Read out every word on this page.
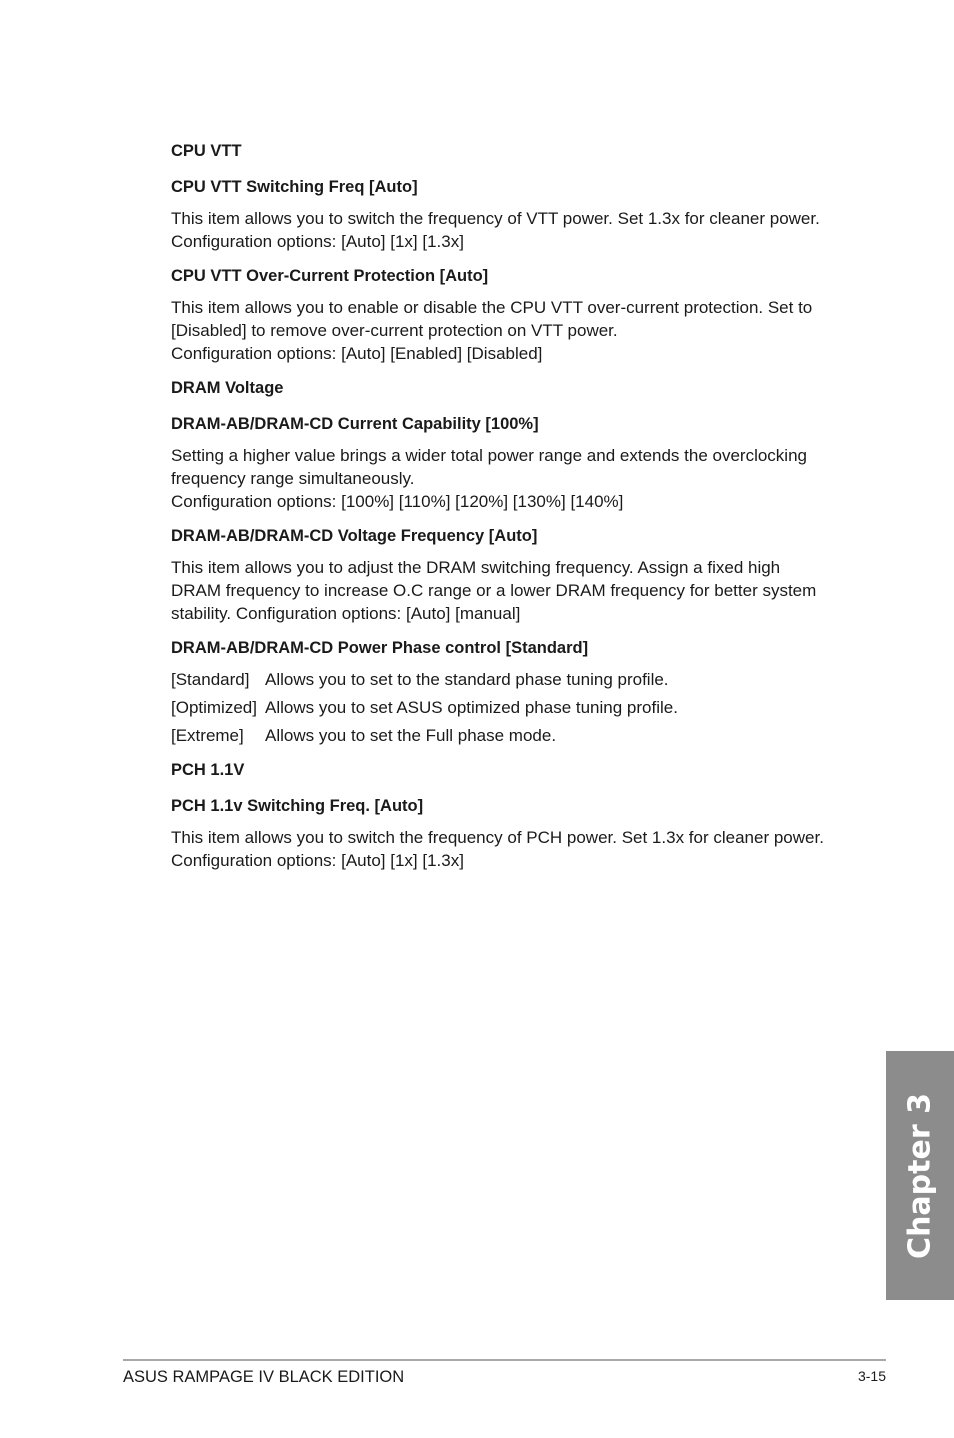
CPU VTT
CPU VTT Switching Freq [Auto]
This item allows you to switch the frequency of VTT power. Set 1.3x for cleaner power.
Configuration options: [Auto] [1x] [1.3x]
CPU VTT Over-Current Protection [Auto]
This item allows you to enable or disable the CPU VTT over-current protection. Set to
[Disabled] to remove over-current protection on VTT power.
Configuration options: [Auto] [Enabled] [Disabled]
DRAM Voltage
DRAM-AB/DRAM-CD Current Capability [100%]
Setting a higher value brings a wider total power range and extends the overclocking
frequency range simultaneously.
Configuration options: [100%] [110%] [120%] [130%] [140%]
DRAM-AB/DRAM-CD Voltage Frequency [Auto]
This item allows you to adjust the DRAM switching frequency. Assign a fixed high
DRAM frequency to increase O.C range or a lower DRAM frequency for better system
stability. Configuration options: [Auto] [manual]
DRAM-AB/DRAM-CD Power Phase control [Standard]
[Standard] Allows you to set to the standard phase tuning profile.
[Optimized] Allows you to set ASUS optimized phase tuning profile.
[Extreme]	Allows you to set the Full phase mode.
PCH 1.1V
PCH 1.1v Switching Freq. [Auto]
This item allows you to switch the frequency of PCH power. Set 1.3x for cleaner power.
Configuration options: [Auto] [1x] [1.3x]
Chapter 3
ASUS RAMPAGE IV BLACK EDITION	3-15
